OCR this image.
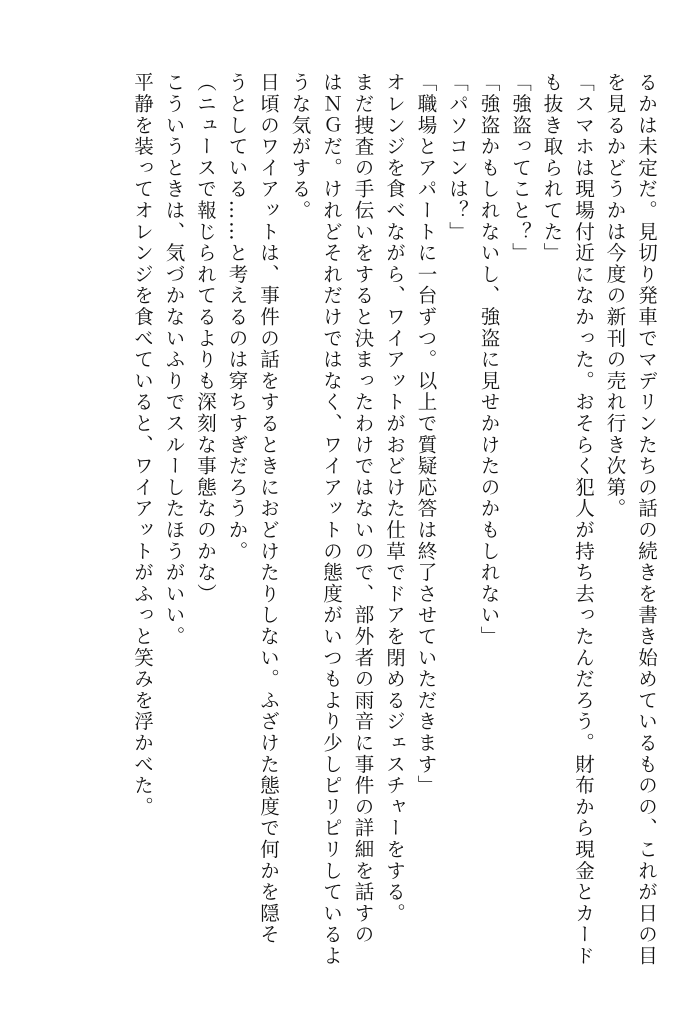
るかは未定だ。見切り発車でマデリンたちの話の続きを書き始めているものの、これが日の目
を見るかどうかは今度の新刊の売れ行き次第。
「スマホは現場付近になかった。おそらく犯人が持ち去ったんだろう。財布から現金とカード
も抜き取られてた」
「強盗ってこと？」
「強盗かもしれないし、強盗に見せかけたのかもしれない」
「パソコンは？」
「職場とアパートに一台ずつ。以上で質疑応答は終了させていただきます」
オレンジを食べながら、ワイアットがおどけた仕草でドアを閉めるジェスチャーをする。
まだ捜査の手伝いをすると決まったわけではないので、部外者の雨音に事件の詳細を話すの
はＮＧだ。けれどそれだけではなく、ワイアットの態度がいつもより少しピリピリしているよ
うな気がする。
日頃のワイアットは、事件の話をするときにおどけたりしない。ふざけた態度で何かを隠そ
うとしている……と考えるのは穿ちすぎだろうか。
（ニュースで報じられてるよりも深刻な事態なのかな）
こういうときは、気づかないふりでスルーしたほうがいい。
平静を装ってオレンジを食べていると、ワイアットがふっと笑みを浮かべた。
